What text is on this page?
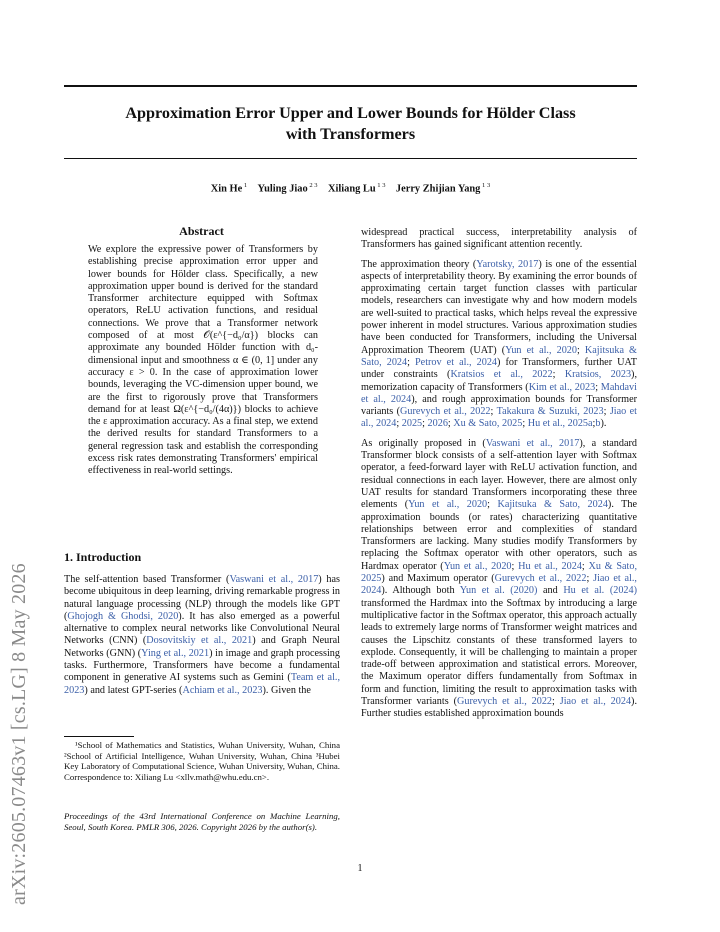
Approximation Error Upper and Lower Bounds for Hölder Class
with Transformers
Xin He $^1$   Yuling Jiao $^{2 3}$   Xiliang Lu $^{1 3}$   Jerry Zhijian Yang $^{1 3}$
arXiv:2605.07463v1 [cs.LG] 8 May 2026
Abstract

We explore the expressive power of Transformers by establishing precise approximation error upper and lower bounds for Hölder class. Specifically, a new approximation upper bound is derived for the standard Transformer architecture equipped with Softmax operators, ReLU activation functions, and residual connections. We prove that a Transformer network composed of at most 𝒪(ε^{−d₀/α}) blocks can approximate any bounded Hölder function with d₀-dimensional input and smoothness α ∈ (0, 1] under any accuracy ε > 0. In the case of approximation lower bounds, leveraging the VC-dimension upper bound, we are the first to rigorously prove that Transformers demand for at least Ω(ε^{−d₀/(4α)}) blocks to achieve the ε approximation accuracy. As a final step, we extend the derived results for standard Transformers to a general regression task and establish the corresponding excess risk rates demonstrating Transformers' empirical effectiveness in real-world settings.

1. Introduction

The self-attention based Transformer (Vaswani et al., 2017) has become ubiquitous in deep learning, driving remarkable progress in natural language processing (NLP) through the models like GPT (Ghojogh & Ghodsi, 2020). It has also emerged as a powerful alternative to complex neural networks like Convolutional Neural Networks (CNN) (Dosovitskiy et al., 2021) and Graph Neural Networks (GNN) (Ying et al., 2021) in image and graph processing tasks. Furthermore, Transformers have become a fundamental component in generative AI systems such as Gemini (Team et al., 2023) and latest GPT-series (Achiam et al., 2023). Given the

¹School of Mathematics and Statistics, Wuhan University, Wuhan, China ²School of Artificial Intelligence, Wuhan University, Wuhan, China ³Hubei Key Laboratory of Computational Science, Wuhan University, Wuhan, China. Correspondence to: Xiliang Lu <xllv.math@whu.edu.cn>.
Proceedings of the 43rd International Conference on Machine Learning, Seoul, South Korea. PMLR 306, 2026. Copyright 2026 by the author(s).

widespread practical success, interpretability analysis of Transformers has gained significant attention recently.

The approximation theory (Yarotsky, 2017) is one of the essential aspects of interpretability theory. By examining the error bounds of approximating certain target function classes with particular models, researchers can investigate why and how modern models are well-suited to practical tasks, which helps reveal the expressive power inherent in model structures. Various approximation studies have been conducted for Transformers, including the Universal Approximation Theorem (UAT) (Yun et al., 2020; Kajitsuka & Sato, 2024; Petrov et al., 2024) for Transformers, further UAT under constraints (Kratsios et al., 2022; Kratsios, 2023), memorization capacity of Transformers (Kim et al., 2023; Mahdavi et al., 2024), and rough approximation bounds for Transformer variants (Gurevych et al., 2022; Takakura & Suzuki, 2023; Jiao et al., 2024; 2025; 2026; Xu & Sato, 2025; Hu et al., 2025a;b).

As originally proposed in (Vaswani et al., 2017), a standard Transformer block consists of a self-attention layer with Softmax operator, a feed-forward layer with ReLU activation function, and residual connections in each layer. However, there are almost only UAT results for standard Transformers incorporating these three elements (Yun et al., 2020; Kajitsuka & Sato, 2024). The approximation bounds (or rates) characterizing quantitative relationships between error and complexities of standard Transformers are lacking. Many studies modify Transformers by replacing the Softmax operator with other operators, such as Hardmax operator (Yun et al., 2020; Hu et al., 2024; Xu & Sato, 2025) and Maximum operator (Gurevych et al., 2022; Jiao et al., 2024). Although both Yun et al. (2020) and Hu et al. (2024) transformed the Hardmax into the Softmax by introducing a large multiplicative factor in the Softmax operator, this approach actually leads to extremely large norms of Transformer weight matrices and causes the Lipschitz constants of these transformed layers to explode. Consequently, it will be challenging to maintain a proper trade-off between approximation and statistical errors. Moreover, the Maximum operator differs fundamentally from Softmax in form and function, limiting the result to approximation tasks with Transformer variants (Gurevych et al., 2022; Jiao et al., 2024). Further studies established approximation bounds

1
